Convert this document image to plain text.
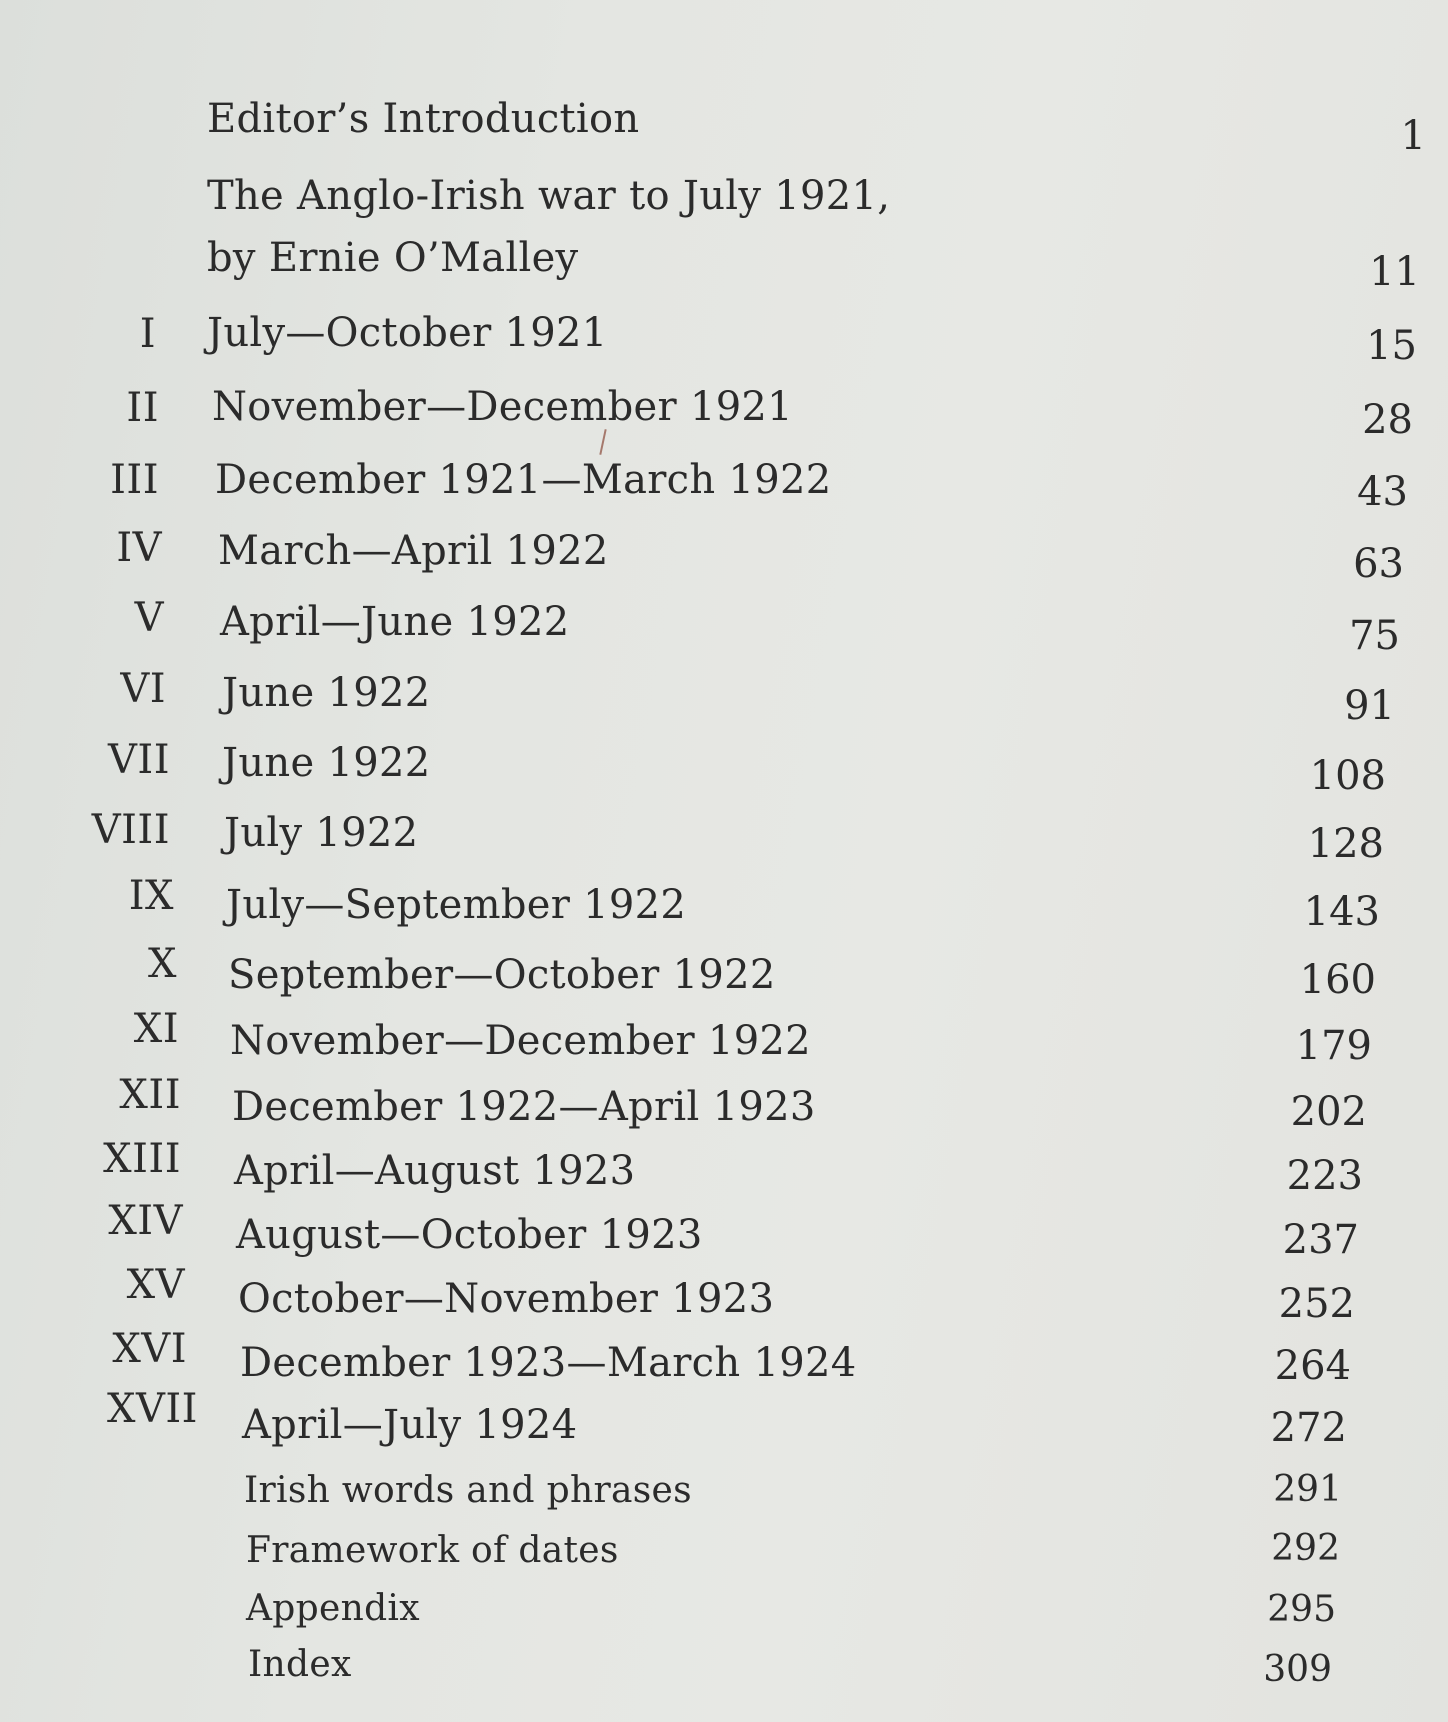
Editor’s Introduction	1
The Anglo-Irish war to July 1921,
by Ernie O’Malley	11
I July—October 1921	15
II November—December 1921	28
III December 1921—March 1922	43
IV March—April 1922	63
V April—June 1922	75
VI June 1922	91
VII June 1922	108
VIII July 1922	128
IX July—September 1922	143
X September—October 1922	160
XI November—December 1922	179
XII December 1922—April 1923	202
XIII April—August 1923	223
XIV August—October 1923	237
XV October—November 1923	252
XVI December 1923—March 1924	264
XVII April—July 1924	272
Irish words and phrases	291
Framework of dates	292
Appendix	295
Index	309
